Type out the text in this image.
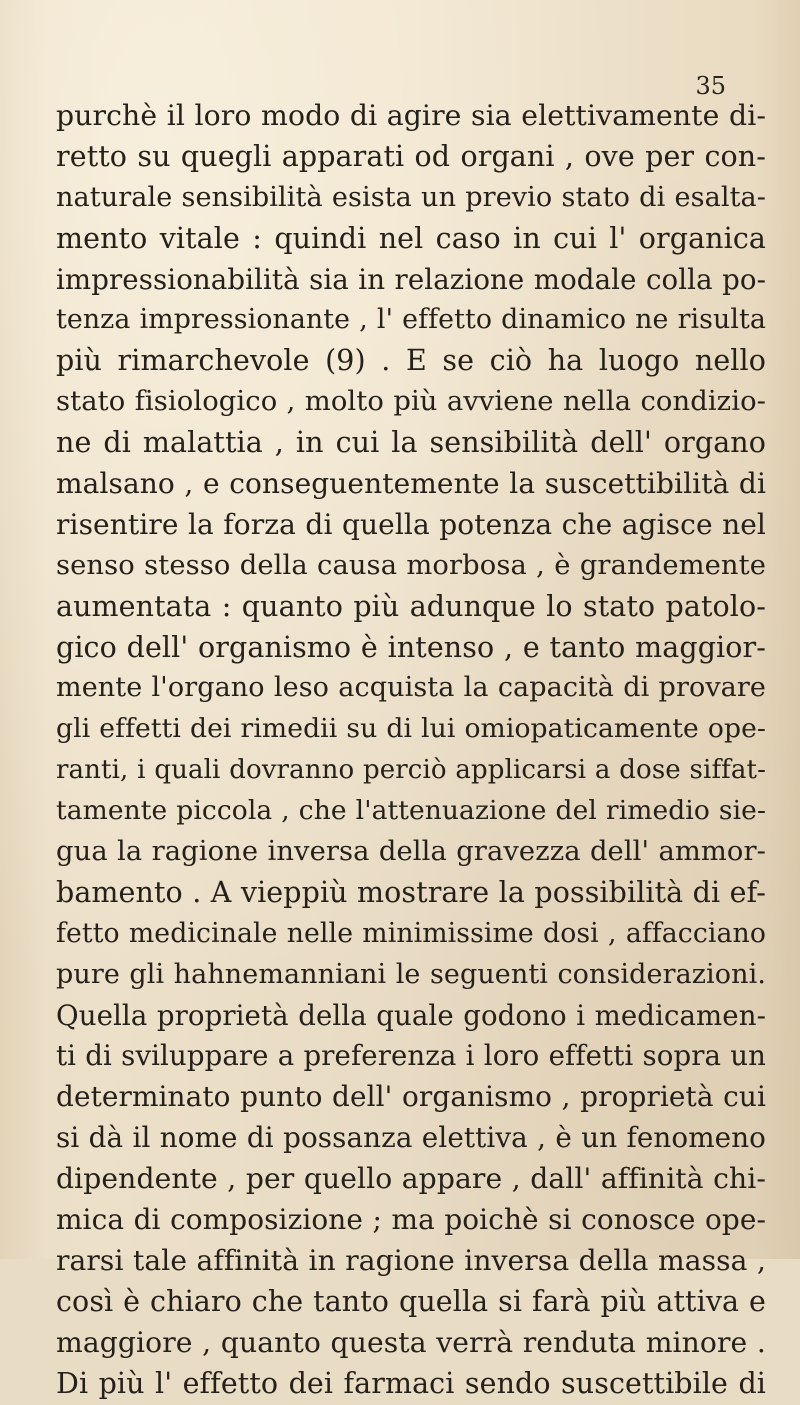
35
purchè il loro modo di agire sia elettivamente di-
retto su quegli apparati od organi , ove per con-
naturale sensibilità esista un previo stato di esalta-
mento vitale : quindi nel caso in cui l' organica
impressionabilità sia in relazione modale colla po-
tenza impressionante , l' effetto dinamico ne risulta
più rimarchevole (9) . E se ciò ha luogo nello
stato fisiologico , molto più avviene nella condizio-
ne di malattia , in cui la sensibilità dell' organo
malsano , e conseguentemente la suscettibilità di
risentire la forza di quella potenza che agisce nel
senso stesso della causa morbosa , è grandemente
aumentata : quanto più adunque lo stato patolo-
gico dell' organismo è intenso , e tanto maggior-
mente l'organo leso acquista la capacità di provare
gli effetti dei rimedii su di lui omiopaticamente ope-
ranti, i quali dovranno perciò applicarsi a dose siffat-
tamente piccola , che l'attenuazione del rimedio sie-
gua la ragione inversa della gravezza dell' ammor-
bamento . A vieppiù mostrare la possibilità di ef-
fetto medicinale nelle minimissime dosi , affacciano
pure gli hahnemanniani le seguenti considerazioni.
Quella proprietà della quale godono i medicamen-
ti di sviluppare a preferenza i loro effetti sopra un
determinato punto dell' organismo , proprietà cui
si dà il nome di possanza elettiva , è un fenomeno
dipendente , per quello appare , dall' affinità chi-
mica di composizione ; ma poichè si conosce ope-
rarsi tale affinità in ragione inversa della massa ,
così è chiaro che tanto quella si farà più attiva e
maggiore , quanto questa verrà renduta minore .
Di più l' effetto dei farmaci sendo suscettibile di
